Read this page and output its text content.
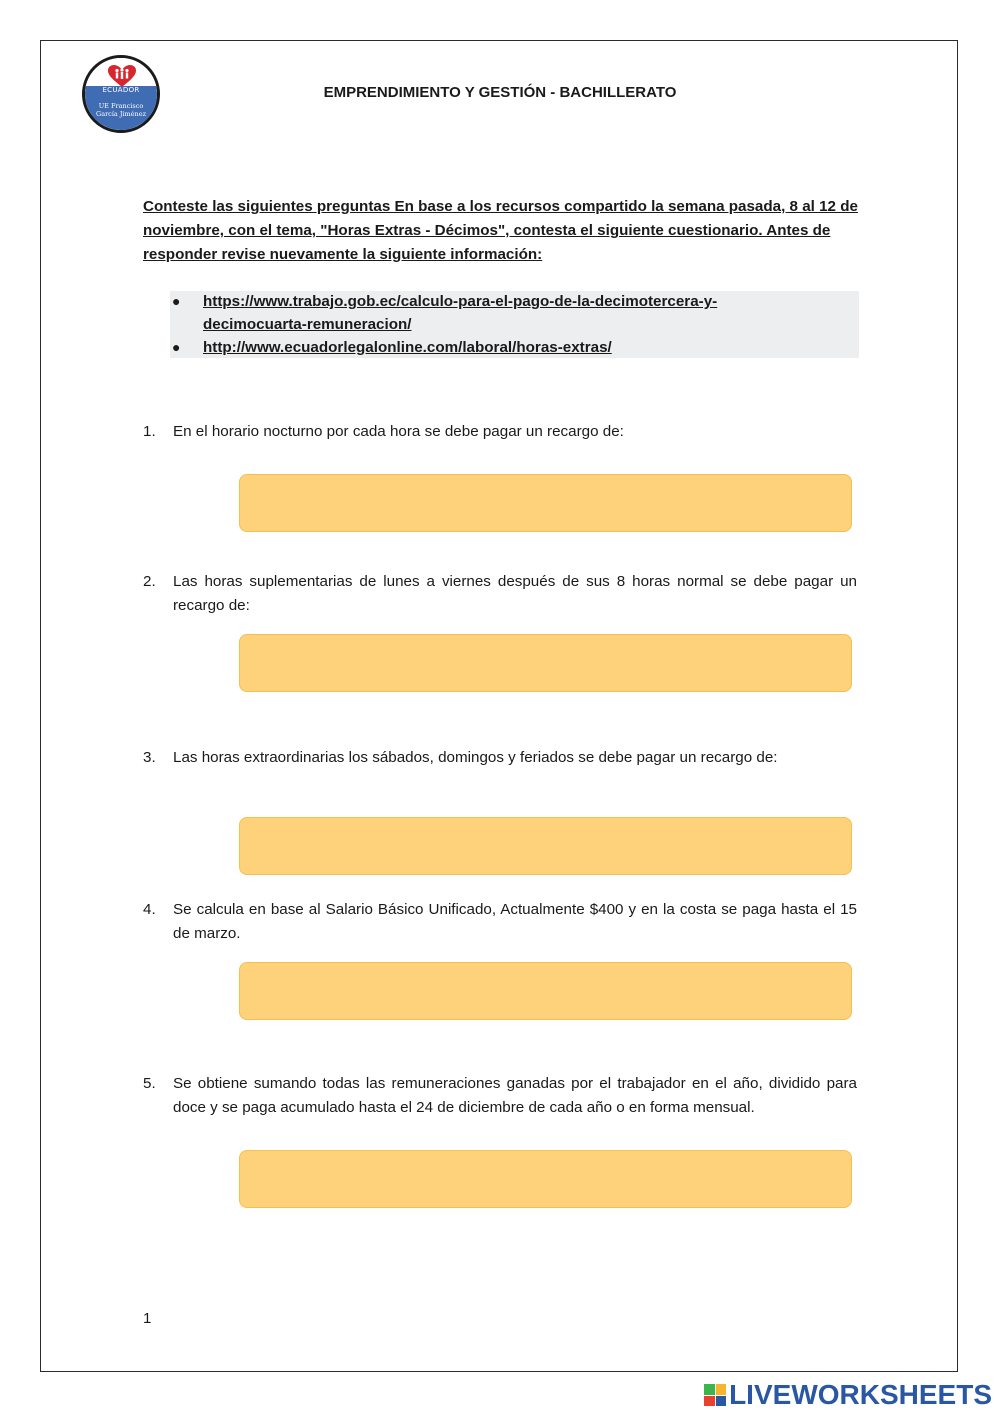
ECUADOR
UE Francisco
García Jiménez
EMPRENDIMIENTO Y GESTIÓN - BACHILLERATO
Conteste las siguientes preguntas En base a los recursos compartido la semana pasada, 8 al 12 de noviembre, con el tema, "Horas Extras - Décimos", contesta el siguiente cuestionario. Antes de responder revise nuevamente la siguiente información:
● https://www.trabajo.gob.ec/calculo-para-el-pago-de-la-decimotercera-y-
decimocuarta-remuneracion/
● http://www.ecuadorlegalonline.com/laboral/horas-extras/
1. En el horario nocturno por cada hora se debe pagar un recargo de:
2. Las horas suplementarias de lunes a viernes después de sus 8 horas normal se debe pagar un recargo de:
3. Las horas extraordinarias los sábados, domingos y feriados se debe pagar un recargo de:
4. Se calcula en base al Salario Básico Unificado, Actualmente $400 y en la costa se paga hasta el 15 de marzo.
5. Se obtiene sumando todas las remuneraciones ganadas por el trabajador en el año, dividido para doce y se paga acumulado hasta el 24 de diciembre de cada año o en forma mensual.
1
LIVEWORKSHEETS
